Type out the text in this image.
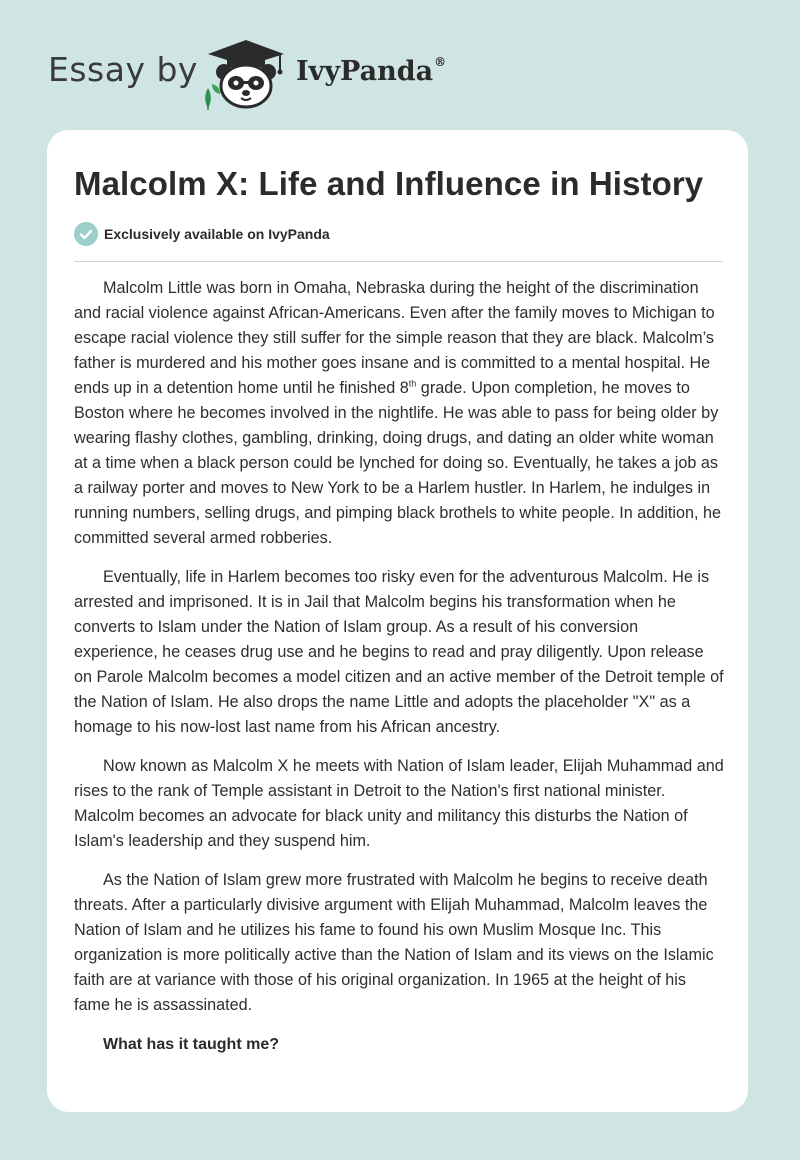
Essay by	IvyPanda®
Malcolm X: Life and Influence in History
Exclusively available on IvyPanda

Malcolm Little was born in Omaha, Nebraska during the height of the discrimination and racial violence against African-Americans. Even after the family moves to Michigan to escape racial violence they still suffer for the simple reason that they are black. Malcolm’s father is murdered and his mother goes insane and is committed to a mental hospital. He ends up in a detention home until he finished 8th grade. Upon completion, he moves to Boston where he becomes involved in the nightlife. He was able to pass for being older by wearing flashy clothes, gambling, drinking, doing drugs, and dating an older white woman at a time when a black person could be lynched for doing so. Eventually, he takes a job as a railway porter and moves to New York to be a Harlem hustler. In Harlem, he indulges in running numbers, selling drugs, and pimping black brothels to white people. In addition, he committed several armed robberies.

Eventually, life in Harlem becomes too risky even for the adventurous Malcolm. He is arrested and imprisoned. It is in Jail that Malcolm begins his transformation when he converts to Islam under the Nation of Islam group. As a result of his conversion experience, he ceases drug use and he begins to read and pray diligently. Upon release on Parole Malcolm becomes a model citizen and an active member of the Detroit temple of the Nation of Islam. He also drops the name Little and adopts the placeholder "X" as a homage to his now-lost last name from his African ancestry.

Now known as Malcolm X he meets with Nation of Islam leader, Elijah Muhammad and rises to the rank of Temple assistant in Detroit to the Nation's first national minister. Malcolm becomes an advocate for black unity and militancy this disturbs the Nation of Islam's leadership and they suspend him.

As the Nation of Islam grew more frustrated with Malcolm he begins to receive death threats. After a particularly divisive argument with Elijah Muhammad, Malcolm leaves the Nation of Islam and he utilizes his fame to found his own Muslim Mosque Inc. This organization is more politically active than the Nation of Islam and its views on the Islamic faith are at variance with those of his original organization. In 1965 at the height of his fame he is assassinated.

What has it taught me?
